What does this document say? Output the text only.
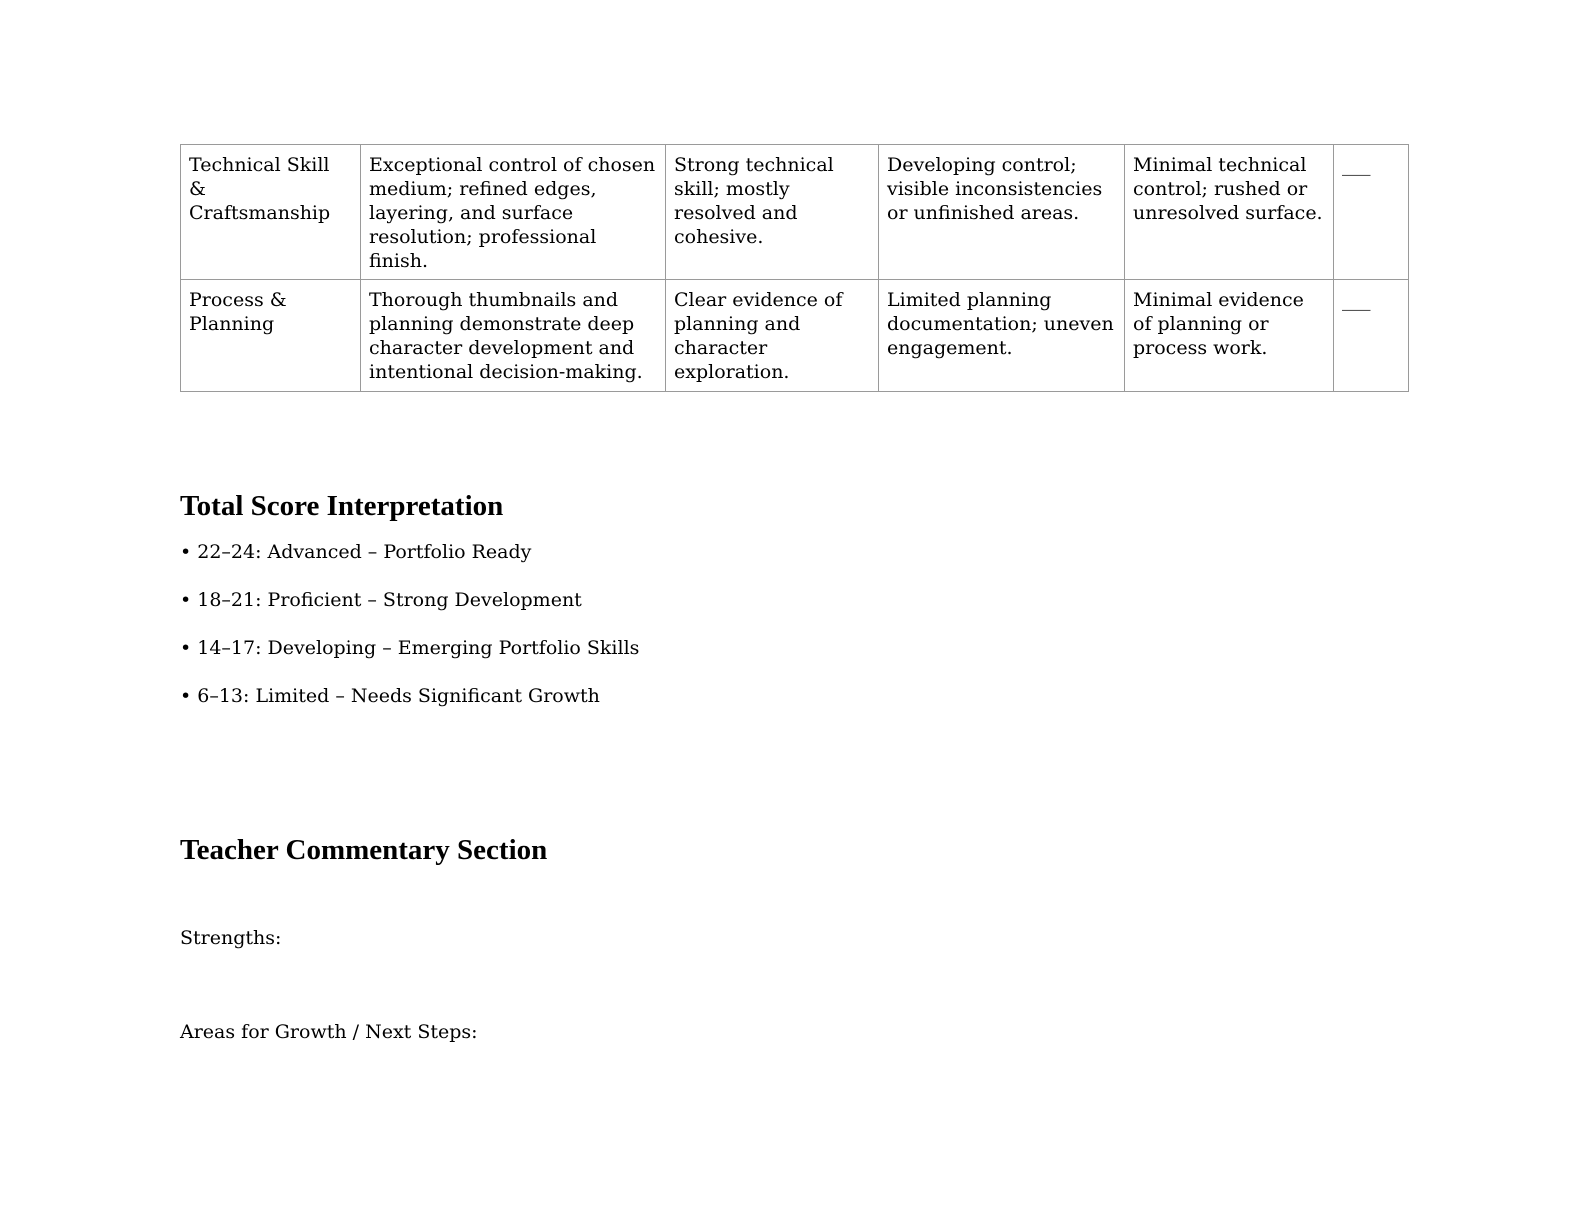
Technical Skill & Craftsmanship	Exceptional control of chosen medium; refined edges, layering, and surface resolution; professional finish.	Strong technical skill; mostly resolved and cohesive.	Developing control; visible inconsistencies or unfinished areas.	Minimal technical control; rushed or unresolved surface.	___
Process & Planning	Thorough thumbnails and planning demonstrate deep character development and intentional decision-making.	Clear evidence of planning and character exploration.	Limited planning documentation; uneven engagement.	Minimal evidence of planning or process work.	___
Total Score Interpretation
• 22–24: Advanced – Portfolio Ready
• 18–21: Proficient – Strong Development
• 14–17: Developing – Emerging Portfolio Skills
• 6–13: Limited – Needs Significant Growth
Teacher Commentary Section

Strengths:

Areas for Growth / Next Steps:
